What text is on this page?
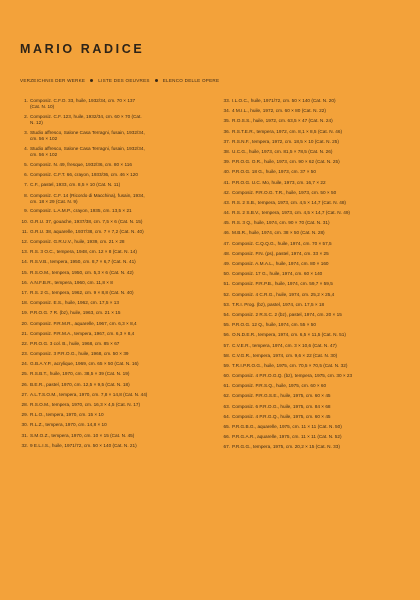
MARIO RADICE
VERZEICHNIS DER WERKE	LISTE DES OEUVRES	ELENCO DELLE OPERE
1. Composiz. C.F.O. 33, huile, 1932/34, cm. 70 × 137
(Cat. N. 10)
2. Composiz. C.F. 123, huile, 1932/34, cm. 60 × 70 (Cat.
N. 12)
3. Studio affresco, Salone Casa Terragni, fusain, 1932/34,
cm. 56 × 102
4. Studio affresco, Salone Casa Terragni, fusain, 1932/34,
cm. 56 × 102
5. Composiz. N. 49, fresque, 1932/36, cm. 80 × 116
6. Composiz. C.F.T. 66, crayon, 1933/36, cm. 46 × 120
7. C.F., pastel, 1933, cm. 8,5 × 10 (Cat. N. 11)
8. Composiz. C.F. 14 (Ricordo di Macchina), fusain, 1934,
cm. 18 × 29 (Cat. N. 9)
9. Composiz. L.A.M.P., crayon, 1935, cm. 13,5 × 21
10. G.R.U. 37, gouache, 1937/38, cm. 7,5 × 6 (Cat. N. 15)
11. G.R.U. 38, aquarelle, 1937/38, cm. 7 × 7,2 (Cat. N. 40)
12. Composiz. G.R.U.V., huile, 1939, cm. 21 × 28
13. R.S. 3 O.C., tempera, 1948, cm. 12 × 8 (Cat. N. 14)
14. R.S.V.B., tempera, 1950, cm. 8,7 × 6,7 (Cat. N. 41)
15. R.S.O.M., tempera, 1950, cm. 5,3 × 6 (Cat. N. 42)
16. A.N.F.B.R., tempera, 1960, cm. 11,8 × 8
17. R.S. 2 G., tempera, 1962, cm. 9 × 8,8 (Cat. N. 40)
18. Composiz. E.S., huile, 1962, cm. 17,5 × 13
19. P.R.O.G. 7 R. (bz), huile, 1963, cm. 21 × 15
20. Composiz. P.R.M.R., aquarelle, 1967, cm. 6,3 × 8,4
21. Composiz. P.R.M.A., tempera, 1967, cm. 6,3 × 8,4
22. P.R.O.G. 3 col. B., huile, 1968, cm. 85 × 67
23. Composiz. 3 P.R.O.G., huile, 1968, cm. 50 × 39
24. G.B.A.Y.P., acrylique, 1969, cm. 65 × 50 (Cat. N. 16)
25. R.S.B.T., huile, 1970, cm. 38,5 × 39 (Cat. N. 19)
26. B.E.R., pastel, 1970, cm. 12,5 × 9,5 (Cat. N. 18)
27. A.L.T.S.O.M., tempera, 1970, cm. 7,8 × 14,8 (Cat. N. 44)
28. R.S.O.M., tempera, 1970, cm. 16,3 × 4,5 (Cat. N. 17)
29. R.L.O., tempera, 1970, cm. 15 × 10
30. R.L.Z., tempera, 1970, cm. 14,8 × 10
31. S.M.O.Z., tempera, 1970, cm. 10 × 15 (Cat. N. 45)
32. 9 E.L.I.S., huile, 1971/72, cm. 50 × 140 (Cat. N. 21)
33. I.L.O.C., huile, 1971/72, cm. 50 × 140 (Cat. N. 20)
34. 4 M.I.L., huile, 1972, cm. 60 × 80 (Cat. N. 22)
35. R.O.S.S., huile, 1972, cm. 63,5 × 47 (Cat. N. 24)
36. R.S.T.E.R., tempera, 1972, cm. 8,1 × 8,5 (Cat. N. 46)
37. R.S.N.F., tempera, 1972, cm. 18,5 × 10 (Cat. N. 25)
38. U.C.G., huile, 1973, cm. 81,5 × 78,5 (Cat. N. 26)
39. P.R.O.G. O.R., huile, 1973, cm. 90 × 62 (Cat. N. 25)
40. P.R.O.G. 18 G., huile, 1973, cm. 37 × 50
41. P.R.O.G. U.C. Mo, huile, 1973, cm. 16,7 × 22
42. Composiz. P.R.O.G. T.R., huile, 1973, cm. 50 × 50
43. R.S. 2 S.B., tempera, 1973, cm. 4,5 × 14,7 (Cat. N. 48)
44. R.S. 2 S.B.V., tempera, 1973, cm. 4,5 × 14,7 (Cat. N. 49)
45. R.S. 3 Q., huile, 1974, cm. 90 × 70 (Cat. N. 31)
46. M.B.R., huile, 1974, cm. 38 × 50 (Cat. N. 28)
47. Composiz. C.Q.Q.G., huile, 1974, cm. 70 × 57,5
48. Composiz. P.N. (ps), pastel, 1974, cm. 33 × 25
49. Composiz. A.M.A.L., huile, 1974, cm. 80 × 160
50. Composiz. 17 G., huile, 1974, cm. 60 × 140
51. Composiz. P.R.P.B., huile, 1974, cm. 59,7 × 59,5
52. Composiz. 4 C.R.G., huile, 1974, cm. 25,2 × 25,4
53. T.R.I. Prog. (bz), pastel, 1974, cm. 17,5 × 18
54. Composiz. 2 R.S.C. 2 (bz), pastel, 1974, cm. 20 × 15
55. P.R.O.G. 12 Q., huile, 1974, cm. 55 × 50
56. O.N.D.E.R., tempera, 1974, cm. 6,5 × 11,5 (Cat. N. 51)
57. C.V.E.R., tempera, 1974, cm. 3 × 10,6 (Cat. N. 47)
58. C.V.G.R., tempera, 1974, cm. 9,6 × 22 (Cat. N. 30)
59. T.R.I.P.R.O.G., huile, 1975, cm. 70,5 × 70,5 (Cat. N. 32)
60. Composiz. 4 P.R.O.G.Q. (bz), tempera, 1975, cm. 30 × 23
61. Composiz. P.R.S.Q., huile, 1975, cm. 60 × 60
62. Composiz. P.R.G.S.E., huile, 1975, cm. 60 × 45
63. Composiz. 6 P.R.O.G., huile, 1975, cm. 84 × 68
64. Composiz. 4 P.R.G.Q., huile, 1975, cm. 60 × 45
65. P.R.G.B.G., aquarelle, 1975, cm. 11 × 11 (Cat. N. 50)
66. P.R.G.A.R., aquarelle, 1975, cm. 11 × 11 (Cat. N. 52)
67. P.R.G.G., tempera, 1975, cm. 20,2 × 15 (Cat. N. 33)
